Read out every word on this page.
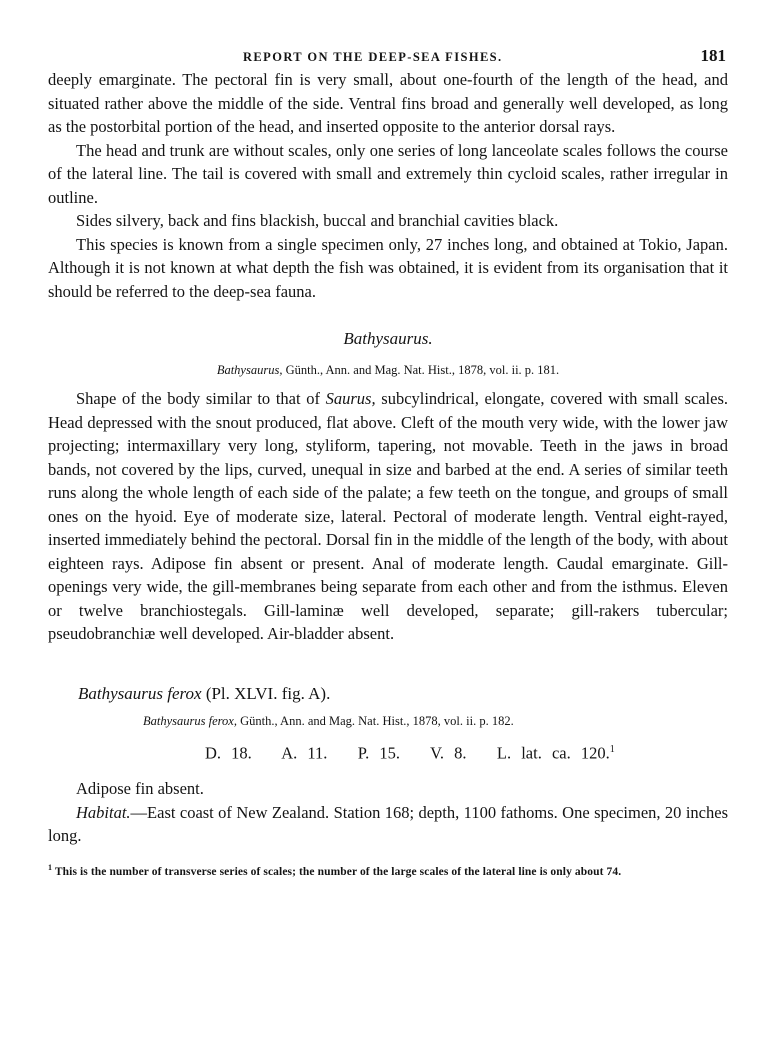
REPORT ON THE DEEP-SEA FISHES.	181

deeply emarginate. The pectoral fin is very small, about one-fourth of the length of the head, and situated rather above the middle of the side. Ventral fins broad and generally well developed, as long as the postorbital portion of the head, and inserted opposite to the anterior dorsal rays.

The head and trunk are without scales, only one series of long lanceolate scales follows the course of the lateral line. The tail is covered with small and extremely thin cycloid scales, rather irregular in outline.

Sides silvery, back and fins blackish, buccal and branchial cavities black.

This species is known from a single specimen only, 27 inches long, and obtained at Tokio, Japan. Although it is not known at what depth the fish was obtained, it is evident from its organisation that it should be referred to the deep-sea fauna.

Bathysaurus.
Bathysaurus, Günth., Ann. and Mag. Nat. Hist., 1878, vol. ii. p. 181.

Shape of the body similar to that of Saurus, subcylindrical, elongate, covered with small scales. Head depressed with the snout produced, flat above. Cleft of the mouth very wide, with the lower jaw projecting; intermaxillary very long, styliform, tapering, not movable. Teeth in the jaws in broad bands, not covered by the lips, curved, unequal in size and barbed at the end. A series of similar teeth runs along the whole length of each side of the palate; a few teeth on the tongue, and groups of small ones on the hyoid. Eye of moderate size, lateral. Pectoral of moderate length. Ventral eight-rayed, inserted immediately behind the pectoral. Dorsal fin in the middle of the length of the body, with about eighteen rays. Adipose fin absent or present. Anal of moderate length. Caudal emarginate. Gill-openings very wide, the gill-membranes being separate from each other and from the isthmus. Eleven or twelve branchiostegals. Gill-laminæ well developed, separate; gill-rakers tubercular; pseudobranchiæ well developed. Air-bladder absent.

Bathysaurus ferox (Pl. XLVI. fig. A).
Bathysaurus ferox, Günth., Ann. and Mag. Nat. Hist., 1878, vol. ii. p. 182.
D. 18.   A. 11.   P. 15.   V. 8.   L. lat. ca. 120.$^1$

Adipose fin absent.

Habitat.—East coast of New Zealand. Station 168; depth, 1100 fathoms. One specimen, 20 inches long.

$^1$ This is the number of transverse series of scales; the number of the large scales of the lateral line is only about 74.
